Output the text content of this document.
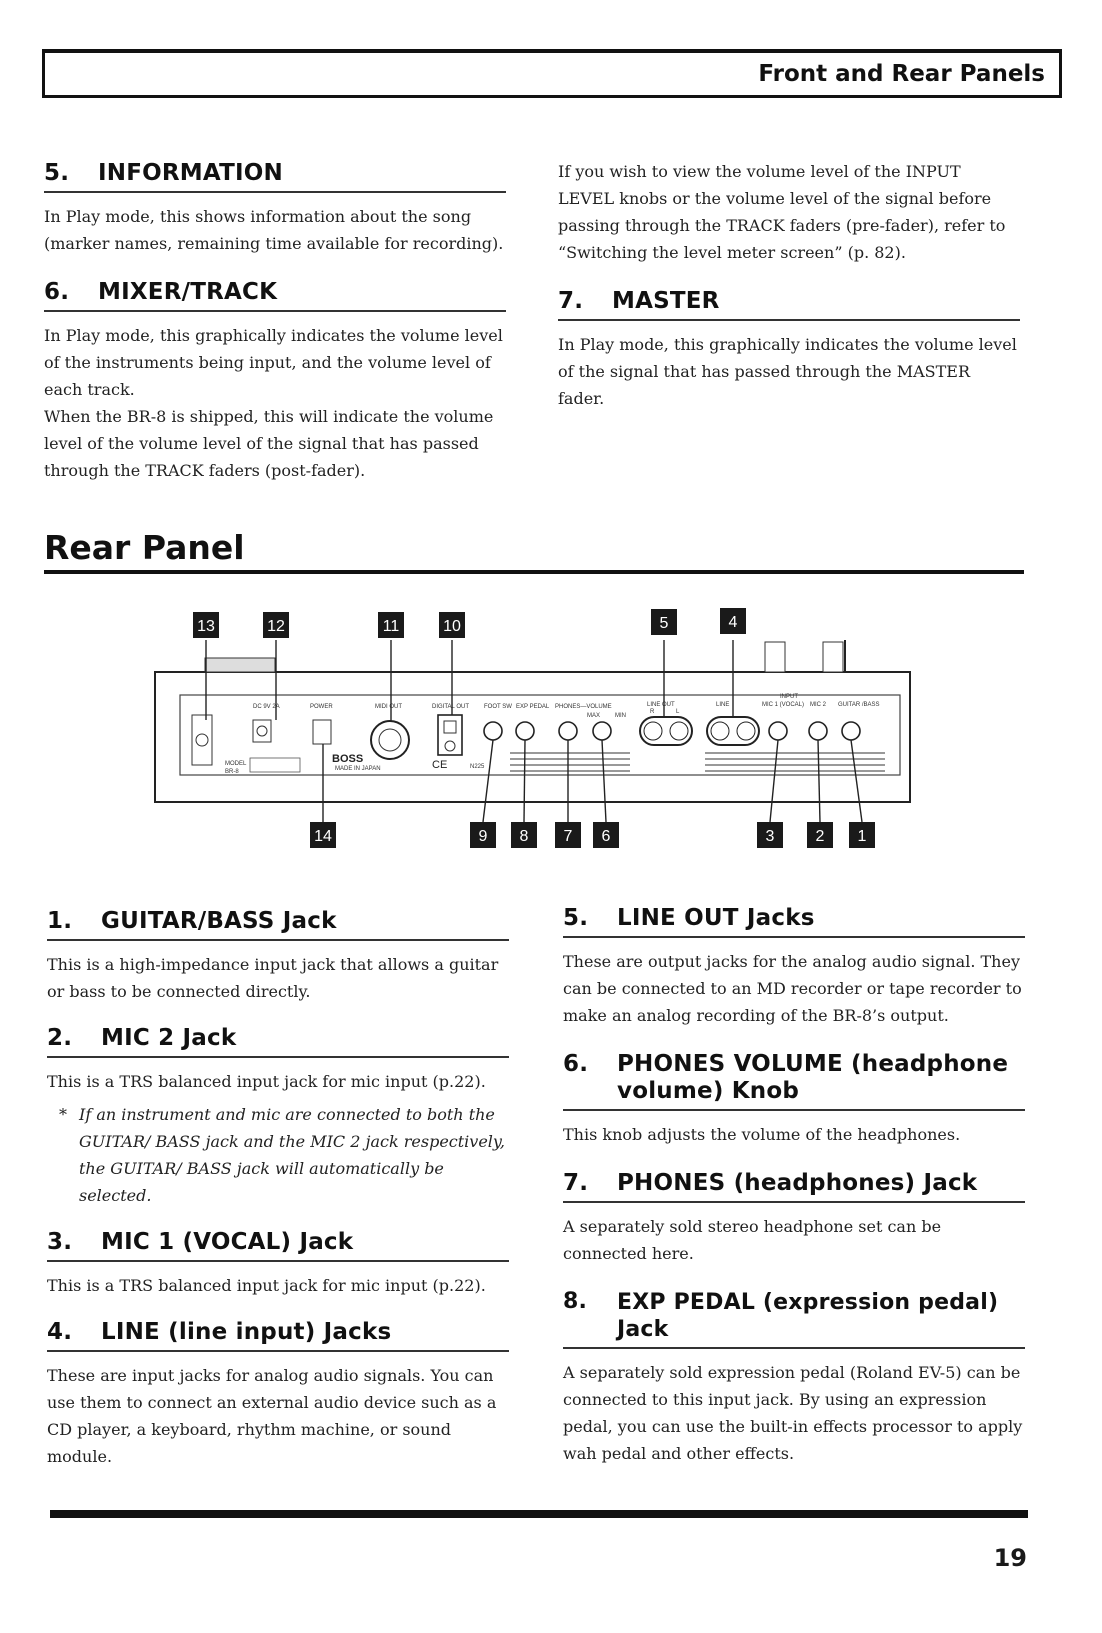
Front and Rear Panels
5.	INFORMATION

In Play mode, this shows information about the song (marker names, remaining time available for recording).

6.	MIXER/TRACK

In Play mode, this graphically indicates the volume level of the instruments being input, and the volume level of each track.

When the BR-8 is shipped, this will indicate the volume level of the volume level of the signal that has passed through the TRACK faders (post-fader).

If you wish to view the volume level of the INPUT LEVEL knobs or the volume level of the signal before passing through the TRACK faders (pre-fader), refer to “Switching the level meter screen” (p. 82).

7.	MASTER

In Play mode, this graphically indicates the volume level of the signal that has passed through the MASTER fader.

Rear Panel
DC 9V 2A	POWER	MIDI OUT	DIGITAL OUT FOOT SW EXP PEDAL PHONES—VOLUME
MAX MIN
LINE OUT
R	L
LINE
INPUT
MIC 1 (VOCAL) MIC 2 GUITAR /BASS
MODEL
BR-8	MADE IN JAPAN	N225
BOSS	CE
13	12	11	10	5	4
14	9 8 7 6	3	2 1
1.	GUITAR/BASS Jack

This is a high-impedance input jack that allows a guitar or bass to be connected directly.

2.	MIC 2 Jack

This is a TRS balanced input jack for mic input (p.22).

* If an instrument and mic are connected to both the GUITAR/ BASS jack and the MIC 2 jack respectively, the GUITAR/ BASS jack will automatically be selected.

3.	MIC 1 (VOCAL) Jack

This is a TRS balanced input jack for mic input (p.22).

4.	LINE (line input) Jacks

These are input jacks for analog audio signals. You can use them to connect an external audio device such as a CD player, a keyboard, rhythm machine, or sound module.

5.	LINE OUT Jacks

These are output jacks for the analog audio signal. They can be connected to an MD recorder or tape recorder to make an analog recording of the BR-8’s output.

6.	PHONES VOLUME (headphone volume) Knob

This knob adjusts the volume of the headphones.

7.	PHONES (headphones) Jack

A separately sold stereo headphone set can be connected here.

8.	EXP PEDAL (expression pedal) Jack

A separately sold expression pedal (Roland EV-5) can be connected to this input jack. By using an expression pedal, you can use the built-in effects processor to apply wah pedal and other effects.

19
